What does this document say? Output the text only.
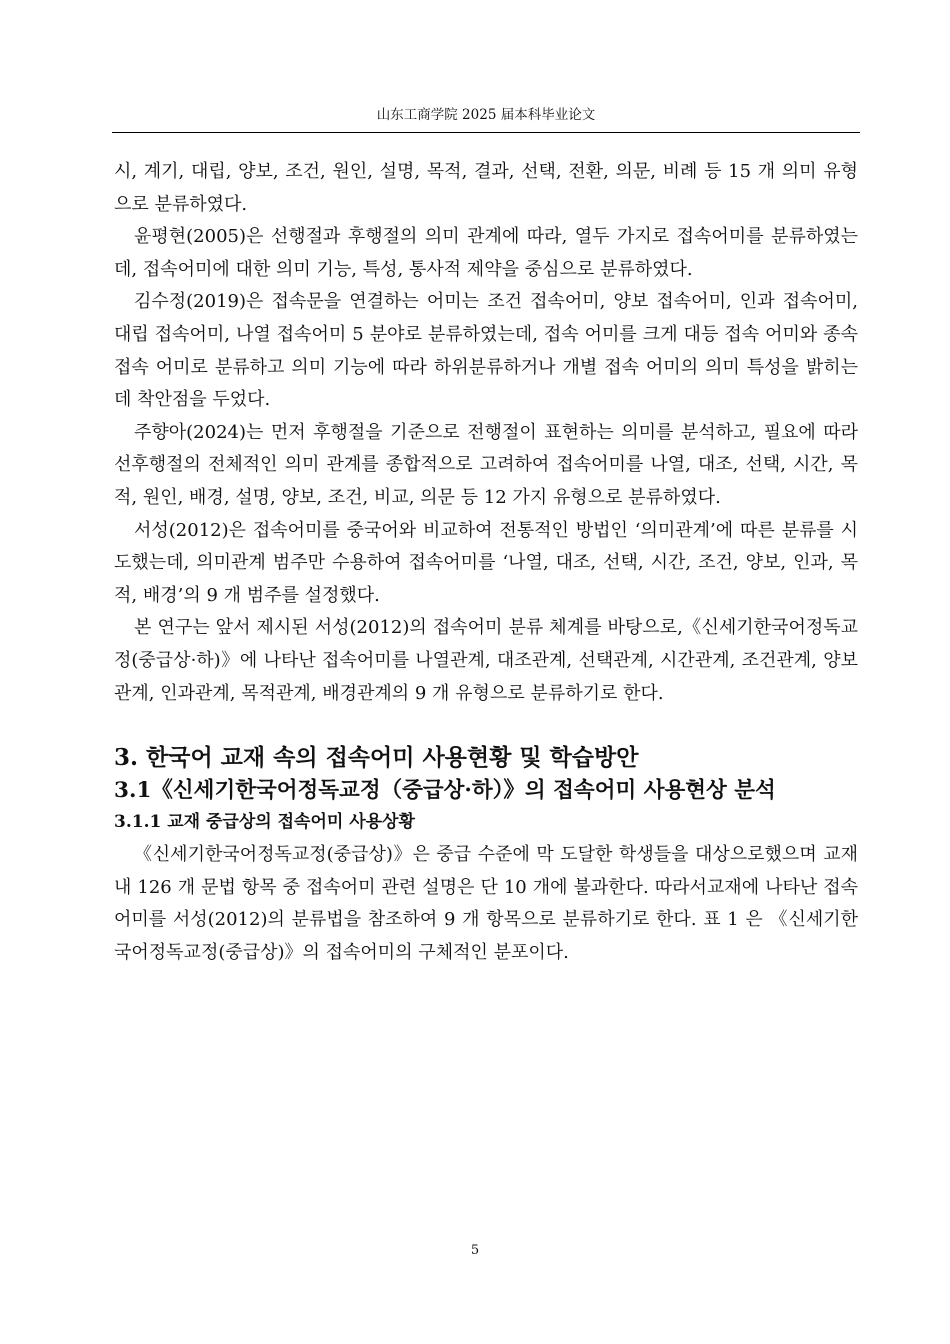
山东工商学院 2025 届本科毕业论文

시, 계기, 대립, 양보, 조건, 원인, 설명, 목적, 결과, 선택, 전환, 의문, 비례 등 15 개 의미 유형으로 분류하였다.

윤평현(2005)은 선행절과 후행절의 의미 관계에 따라, 열두 가지로 접속어미를 분류하였는데, 접속어미에 대한 의미 기능, 특성, 통사적 제약을 중심으로 분류하였다.

김수정(2019)은 접속문을 연결하는 어미는 조건 접속어미, 양보 접속어미, 인과 접속어미, 대립 접속어미, 나열 접속어미 5 분야로 분류하였는데, 접속 어미를 크게 대등 접속 어미와 종속 접속 어미로 분류하고 의미 기능에 따라 하위분류하거나 개별 접속 어미의 의미 특성을 밝히는 데 착안점을 두었다.

주향아(2024)는 먼저 후행절을 기준으로 전행절이 표현하는 의미를 분석하고, 필요에 따라 선후행절의 전체적인 의미 관계를 종합적으로 고려하여 접속어미를 나열, 대조, 선택, 시간, 목적, 원인, 배경, 설명, 양보, 조건, 비교, 의문 등 12 가지 유형으로 분류하였다.

서성(2012)은 접속어미를 중국어와 비교하여 전통적인 방법인 ‘의미관계’에 따른 분류를 시도했는데, 의미관계 범주만 수용하여 접속어미를 ‘나열, 대조, 선택, 시간, 조건, 양보, 인과, 목적, 배경’의 9 개 범주를 설정했다.

본 연구는 앞서 제시된 서성(2012)의 접속어미 분류 체계를 바탕으로,《신세기한국어정독교정(중급상·하)》에 나타난 접속어미를 나열관계, 대조관계, 선택관계, 시간관계, 조건관계, 양보관계, 인과관계, 목적관계, 배경관계의 9 개 유형으로 분류하기로 한다.

3. 한국어 교재 속의 접속어미 사용현황 및 학습방안
3.1《신세기한국어정독교정（중급상·하）》의 접속어미 사용현상 분석
3.1.1 교재 중급상의 접속어미 사용상황

《신세기한국어정독교정(중급상)》은 중급 수준에 막 도달한 학생들을 대상으로했으며 교재 내 126 개 문법 항목 중 접속어미 관련 설명은 단 10 개에 불과한다. 따라서교재에 나타난 접속어미를 서성(2012)의 분류법을 참조하여 9 개 항목으로 분류하기로 한다. 표 1 은 《신세기한국어정독교정(중급상)》의 접속어미의 구체적인 분포이다.

5
